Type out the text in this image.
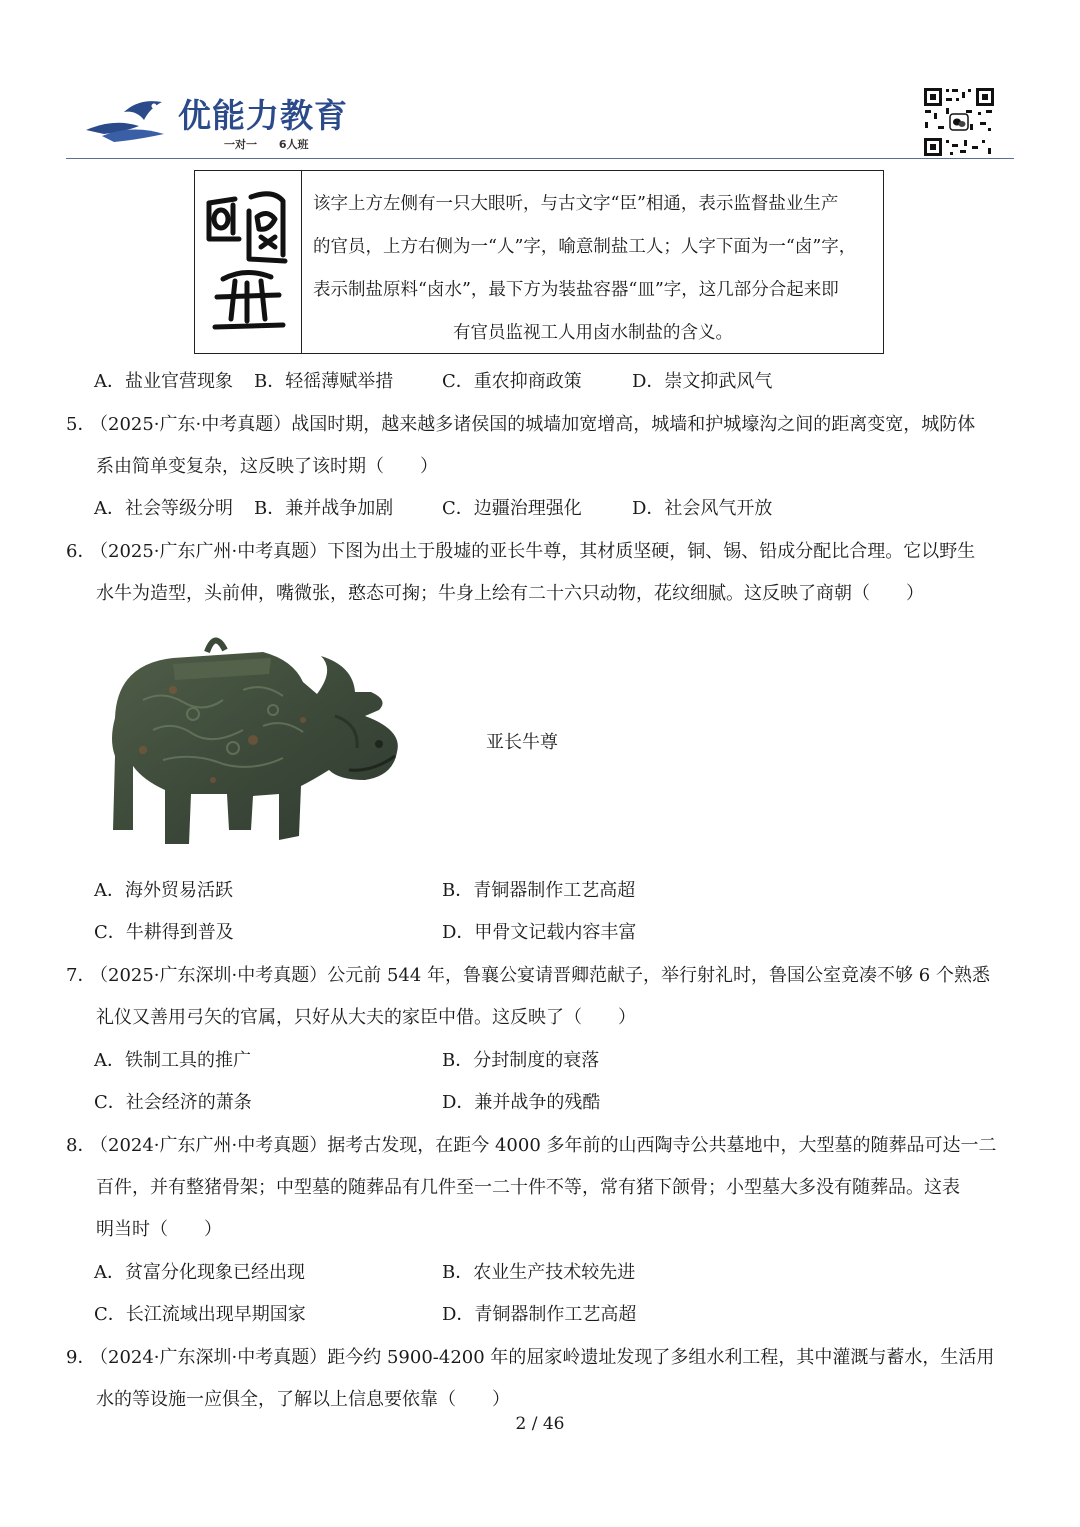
优能力教育
一对一 6人班
该字上方左侧有一只大眼听，与古文字“臣”相通，表示监督盐业生产
的官员，上方右侧为一“人”字，喻意制盐工人；人字下面为一“卤”字，
表示制盐原料“卤水”，最下方为装盐容器“皿”字，这几部分合起来即
有官员监视工人用卤水制盐的含义。
A．盐业官营现象 B．轻徭薄赋举措	C．重农抑商政策	D．崇文抑武风气
5．
（2025·广东·中考真题）战国时期，越来越多诸侯国的城墙加宽增高，城墙和护城壕沟之间的距离变宽，城防体
系由简单变复杂，这反映了该时期（　　）
A．社会等级分明 B．兼并战争加剧	C．边疆治理强化	D．社会风气开放
6．
（2025·广东广州·中考真题）下图为出土于殷墟的亚长牛尊，其材质坚硬，铜、锡、铅成分配比合理。它以野生
水牛为造型，头前伸，嘴微张，憨态可掬；牛身上绘有二十六只动物，花纹细腻。这反映了商朝（　　）
亚长牛尊
A．海外贸易活跃	B．青铜器制作工艺高超
C．牛耕得到普及	D．甲骨文记载内容丰富
7．
（2025·广东深圳·中考真题）公元前 544 年，鲁襄公宴请晋卿范献子，举行射礼时，鲁国公室竟凑不够 6 个熟悉
礼仪又善用弓矢的官属，只好从大夫的家臣中借。这反映了（　　）
A．铁制工具的推广	B．分封制度的衰落
C．社会经济的萧条	D．兼并战争的残酷
8．
（2024·广东广州·中考真题）据考古发现，在距今 4000 多年前的山西陶寺公共墓地中，大型墓的随葬品可达一二
百件，并有整猪骨架；中型墓的随葬品有几件至一二十件不等，常有猪下颌骨；小型墓大多没有随葬品。这表
明当时（　　）
A．贫富分化现象已经出现	B．农业生产技术较先进
C．长江流域出现早期国家	D．青铜器制作工艺高超
9．
（2024·广东深圳·中考真题）距今约 5900-4200 年的屈家岭遗址发现了多组水利工程，其中灌溉与蓄水，生活用
水的等设施一应俱全，了解以上信息要依靠（　　）
2 / 46
